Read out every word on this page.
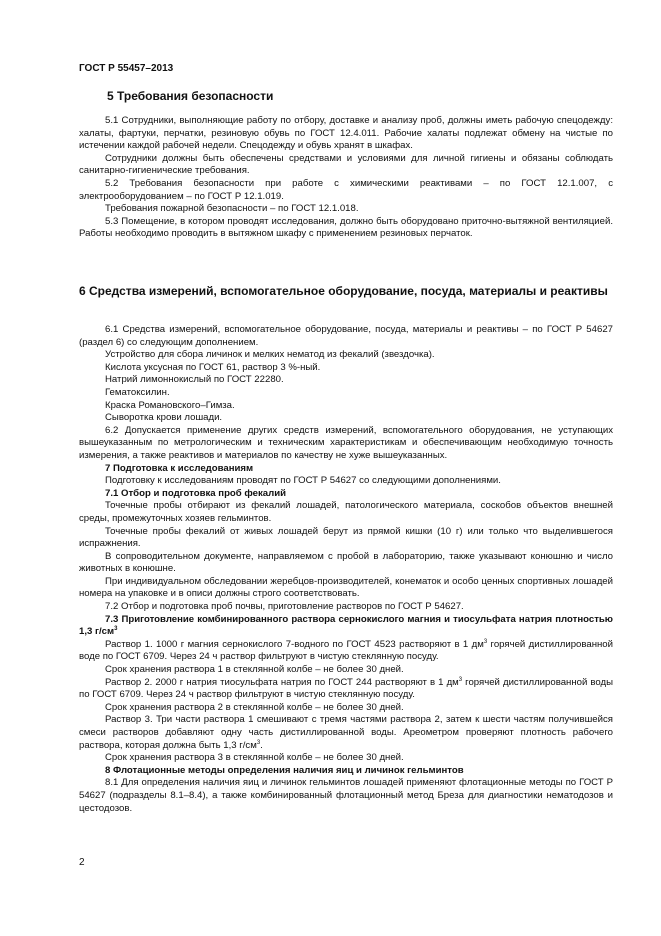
ГОСТ Р 55457–2013
5 Требования безопасности

5.1 Сотрудники, выполняющие работу по отбору, доставке и анализу проб, должны иметь рабочую спецодежду: халаты, фартуки, перчатки, резиновую обувь по ГОСТ 12.4.011. Рабочие халаты подлежат обмену на чистые по истечении каждой рабочей недели. Спецодежду и обувь хранят в шкафах.

Сотрудники должны быть обеспечены средствами и условиями для личной гигиены и обязаны соблюдать санитарно-гигиенические требования.

5.2 Требования безопасности при работе с химическими реактивами – по ГОСТ 12.1.007, с электрооборудованием – по ГОСТ Р 12.1.019.

Требования пожарной безопасности – по ГОСТ 12.1.018.

5.3 Помещение, в котором проводят исследования, должно быть оборудовано приточно-вытяжной вентиляцией. Работы необходимо проводить в вытяжном шкафу с применением резиновых перчаток.

6 Средства измерений, вспомогательное оборудование, посуда, материалы и реактивы

6.1 Средства измерений, вспомогательное оборудование, посуда, материалы и реактивы – по ГОСТ Р 54627 (раздел 6) со следующим дополнением.

Устройство для сбора личинок и мелких нематод из фекалий (звездочка).

Кислота уксусная по ГОСТ 61, раствор 3 %-ный.

Натрий лимоннокислый по ГОСТ 22280.

Гематоксилин.

Краска Романовского–Гимза.

Сыворотка крови лошади.

6.2 Допускается применение других средств измерений, вспомогательного оборудования, не уступающих вышеуказанным по метрологическим и техническим характеристикам и обеспечивающим необходимую точность измерения, а также реактивов и материалов по качеству не хуже вышеуказанных.

7 Подготовка к исследованиям

Подготовку к исследованиям проводят по ГОСТ Р 54627 со следующими дополнениями.

7.1 Отбор и подготовка проб фекалий

Точечные пробы отбирают из фекалий лошадей, патологического материала, соскобов объектов внешней среды, промежуточных хозяев гельминтов.

Точечные пробы фекалий от живых лошадей берут из прямой кишки (10 г) или только что выделившегося испражнения.

В сопроводительном документе, направляемом с пробой в лабораторию, также указывают конюшню и число животных в конюшне.

При индивидуальном обследовании жеребцов-производителей, конематок и особо ценных спортивных лошадей номера на упаковке и в описи должны строго соответствовать.

7.2 Отбор и подготовка проб почвы, приготовление растворов по ГОСТ Р 54627.

7.3 Приготовление комбинированного раствора сернокислого магния и тиосульфата натрия плотностью 1,3 $г/см^3$

Раствор 1. 1000 г магния сернокислого 7-водного по ГОСТ 4523 растворяют в 1 $дм^3$ горячей дистиллированной воде по ГОСТ 6709. Через 24 ч раствор фильтруют в чистую стеклянную посуду.

Срок хранения раствора 1 в стеклянной колбе – не более 30 дней.

Раствор 2. 2000 г натрия тиосульфата натрия по ГОСТ 244 растворяют в 1 $дм^3$ горячей дистиллированной воды по ГОСТ 6709. Через 24 ч раствор фильтруют в чистую стеклянную посуду.

Срок хранения раствора 2 в стеклянной колбе – не более 30 дней.

Раствор 3. Три части раствора 1 смешивают с тремя частями раствора 2, затем к шести частям получившейся смеси растворов добавляют одну часть дистиллированной воды. Ареометром проверяют плотность рабочего раствора, которая должна быть 1,3 $г/см^3$.

Срок хранения раствора 3 в стеклянной колбе – не более 30 дней.

8 Флотационные методы определения наличия яиц и личинок гельминтов

8.1 Для определения наличия яиц и личинок гельминтов лошадей применяют флотационные методы по ГОСТ Р 54627 (подразделы 8.1–8.4), а также комбинированный флотационный метод Бреза для диагностики нематодозов и цестодозов.

2
